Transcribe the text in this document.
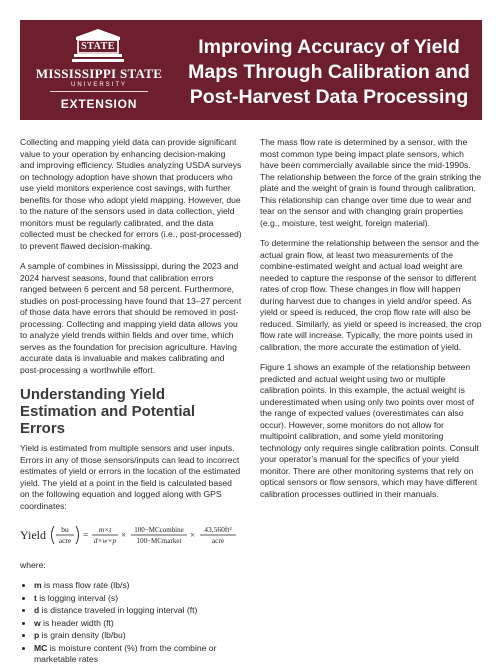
STATE
MISSISSIPPI STATE
UNIVERSITY
EXTENSION
Improving Accuracy of Yield
Maps Through Calibration and
Post-Harvest Data Processing

Collecting and mapping yield data can provide significant value to your operation by enhancing decision-making and improving efficiency. Studies analyzing USDA surveys on technology adoption have shown that producers who use yield monitors experience cost savings, with further benefits for those who adopt yield mapping. However, due to the nature of the sensors used in data collection, yield monitors must be regularly calibrated, and the data collected must be checked for errors (i.e., post-processed) to prevent flawed decision-making.

A sample of combines in Mississippi, during the 2023 and 2024 harvest seasons, found that calibration errors ranged between 6 percent and 58 percent. Furthermore, studies on post-processing have found that 13–27 percent of those data have errors that should be removed in post-processing. Collecting and mapping yield data allows you to analyze yield trends within fields and over time, which serves as the foundation for precision agriculture. Having accurate data is invaluable and makes calibrating and post-processing a worthwhile effort.

Understanding Yield Estimation and Potential Errors

Yield is estimated from multiple sensors and user inputs. Errors in any of those sensors/inputs can lead to incorrect estimates of yield or errors in the location of the estimated yield. The yield at a point in the field is calculated based on the following equation and logged along with GPS coordinates:

Yield bu
acre
=
m×t
d×w×p
× 100−MCcombine
100−MCmarket
×
43,560ft²
acre

where:

• m is mass flow rate (lb/s)
• t is logging interval (s)
• d is distance traveled in logging interval (ft)
• w is header width (ft)
• p is grain density (lb/bu)
• MC is moisture content (%) from the combine or marketable rates

The mass flow rate is determined by a sensor, with the most common type being impact plate sensors, which have been commercially available since the mid-1990s. The relationship between the force of the grain striking the plate and the weight of grain is found through calibration. This relationship can change over time due to wear and tear on the sensor and with changing grain properties (e.g., moisture, test weight, foreign material).

To determine the relationship between the sensor and the actual grain flow, at least two measurements of the combine-estimated weight and actual load weight are needed to capture the response of the sensor to different rates of crop flow. These changes in flow will happen during harvest due to changes in yield and/or speed. As yield or speed is reduced, the crop flow rate will also be reduced. Similarly, as yield or speed is increased, the crop flow rate will increase. Typically, the more points used in calibration, the more accurate the estimation of yield.

Figure 1 shows an example of the relationship between predicted and actual weight using two or multiple calibration points. In this example, the actual weight is underestimated when using only two points over most of the range of expected values (overestimates can also occur). However, some monitors do not allow for multipoint calibration, and some yield monitoring technology only requires single calibration points. Consult your operator’s manual for the specifics of your yield monitor. There are other monitoring systems that rely on optical sensors or flow sensors, which may have different calibration processes outlined in their manuals.
